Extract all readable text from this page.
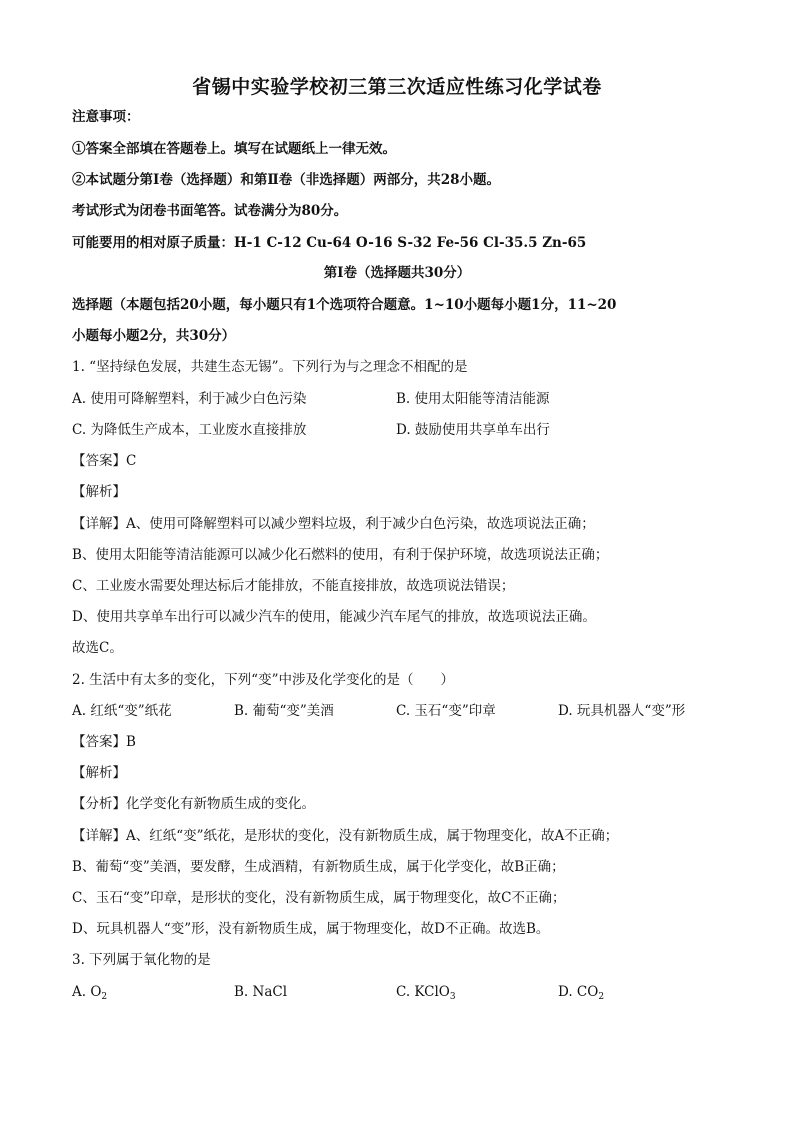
省锡中实验学校初三第三次适应性练习化学试卷
注意事项：
①答案全部填在答题卷上。填写在试题纸上一律无效。
②本试题分第Ⅰ卷（选择题）和第Ⅱ卷（非选择题）两部分，共28小题。
考试形式为闭卷书面笔答。试卷满分为80分。
可能要用的相对原子质量：H-1 C-12 Cu-64 O-16 S-32 Fe-56 Cl-35.5 Zn-65
第Ⅰ卷（选择题共30分）
选择题（本题包括20小题，每小题只有1个选项符合题意。1~10小题每小题1分，11~20
小题每小题2分，共30分）
1. “坚持绿色发展，共建生态无锡”。下列行为与之理念不相配的是
A. 使用可降解塑料，利于减少白色污染	B. 使用太阳能等清洁能源
C. 为降低生产成本，工业废水直接排放	D. 鼓励使用共享单车出行
【答案】C
【解析】
【详解】A、使用可降解塑料可以减少塑料垃圾，利于减少白色污染，故选项说法正确；
B、使用太阳能等清洁能源可以减少化石燃料的使用，有利于保护环境，故选项说法正确；
C、工业废水需要处理达标后才能排放，不能直接排放，故选项说法错误；
D、使用共享单车出行可以减少汽车的使用，能减少汽车尾气的排放，故选项说法正确。
故选C。
2. 生活中有太多的变化，下列“变”中涉及化学变化的是（　　）
A. 红纸“变”纸花	B. 葡萄“变”美酒	C. 玉石“变”印章	D. 玩具机器人“变”形
【答案】B
【解析】
【分析】化学变化有新物质生成的变化。
【详解】A、红纸“变”纸花，是形状的变化，没有新物质生成，属于物理变化，故A不正确；
B、葡萄“变”美酒，要发酵，生成酒精，有新物质生成，属于化学变化，故B正确；
C、玉石“变”印章，是形状的变化，没有新物质生成，属于物理变化，故C不正确；
D、玩具机器人“变”形，没有新物质生成，属于物理变化，故D不正确。故选B。
3. 下列属于氧化物的是
A. $O_2$	B. NaCl	C. KClO$_3$	D. $CO_2$
